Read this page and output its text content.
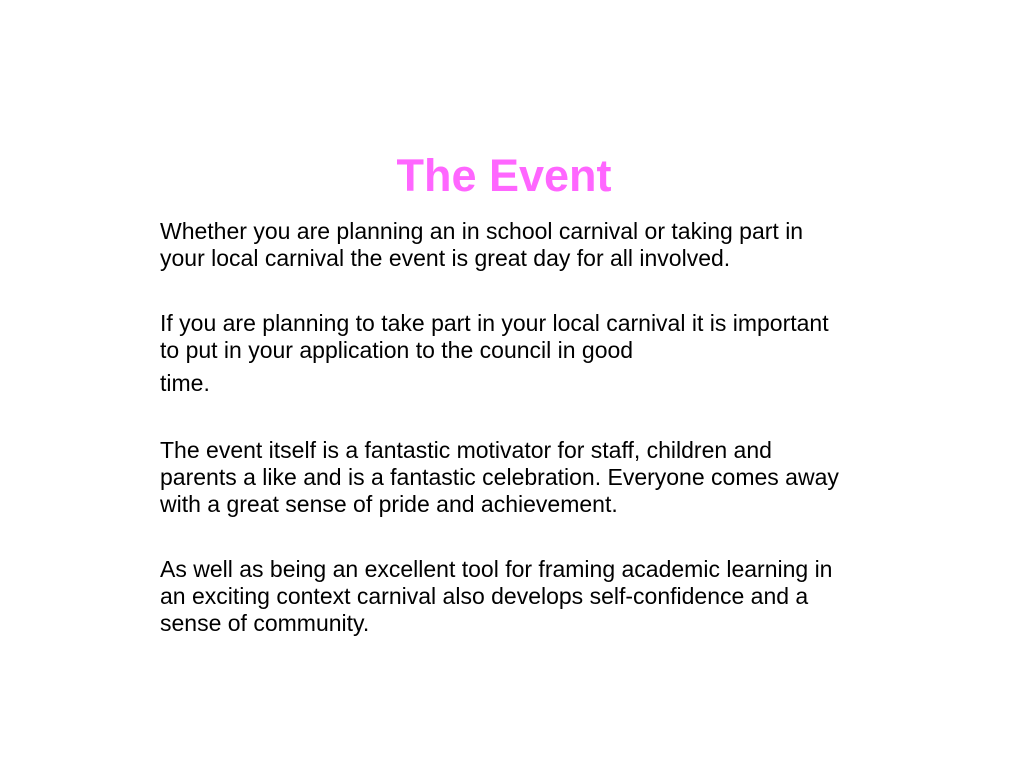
The Event

Whether you are planning an in school carnival or taking part in your local carnival the event is great day for all involved.

If you are planning to take part in your local carnival it is important to put in your application to the council in good
time.

The event itself is a fantastic motivator for staff, children and parents a like and is a fantastic celebration. Everyone comes away with a great sense of pride and achievement.

As well as being an excellent tool for framing academic learning in an exciting context carnival also develops self-confidence and a sense of community.
